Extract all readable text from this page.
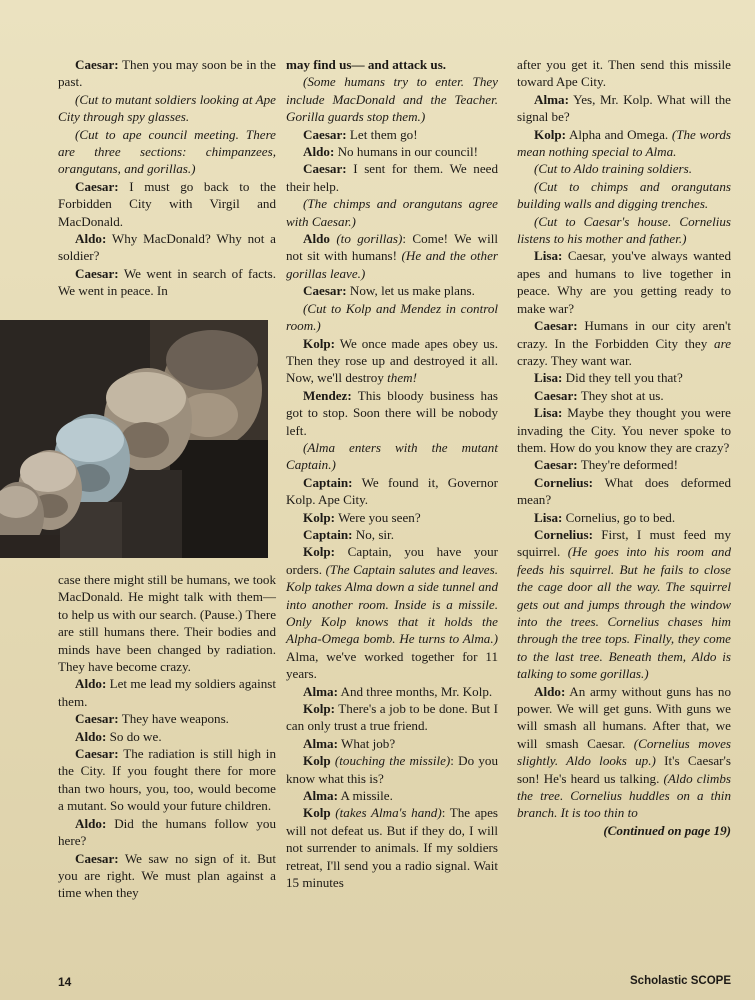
Caesar: Then you may soon be in the past.

(Cut to mutant soldiers looking at Ape City through spy glasses.

(Cut to ape council meeting. There are three sections: chimpanzees, orangutans, and gorillas.)

Caesar: I must go back to the Forbidden City with Virgil and MacDonald.

Aldo: Why MacDonald? Why not a soldier?

Caesar: We went in search of facts. We went in peace. In

case there might still be humans, we took MacDonald. He might talk with them—to help us with our search. (Pause.) There are still humans there. Their bodies and minds have been changed by radiation. They have become crazy.

Aldo: Let me lead my soldiers against them.

Caesar: They have weapons.

Aldo: So do we.

Caesar: The radiation is still high in the City. If you fought there for more than two hours, you, too, would become a mutant. So would your future children.

Aldo: Did the humans follow you here?

Caesar: We saw no sign of it. But you are right. We must plan against a time when they

may find us— and attack us.

(Some humans try to enter. They include MacDonald and the Teacher. Gorilla guards stop them.)

Caesar: Let them go!

Aldo: No humans in our council!

Caesar: I sent for them. We need their help.

(The chimps and orangutans agree with Caesar.)

Aldo (to gorillas): Come! We will not sit with humans! (He and the other gorillas leave.)

Caesar: Now, let us make plans.

(Cut to Kolp and Mendez in control room.)

Kolp: We once made apes obey us. Then they rose up and destroyed it all. Now, we'll destroy them!

Mendez: This bloody business has got to stop. Soon there will be nobody left.

(Alma enters with the mutant Captain.)

Captain: We found it, Governor Kolp. Ape City.

Kolp: Were you seen?

Captain: No, sir.

Kolp: Captain, you have your orders. (The Captain salutes and leaves. Kolp takes Alma down a side tunnel and into another room. Inside is a missile. Only Kolp knows that it holds the Alpha-Omega bomb. He turns to Alma.) Alma, we've worked together for 11 years.

Alma: And three months, Mr. Kolp.

Kolp: There's a job to be done. But I can only trust a true friend.

Alma: What job?

Kolp (touching the missile): Do you know what this is?

Alma: A missile.

Kolp (takes Alma's hand): The apes will not defeat us. But if they do, I will not surrender to animals. If my soldiers retreat, I'll send you a radio signal. Wait 15 minutes

after you get it. Then send this missile toward Ape City.

Alma: Yes, Mr. Kolp. What will the signal be?

Kolp: Alpha and Omega. (The words mean nothing special to Alma.

(Cut to Aldo training soldiers.

(Cut to chimps and orangutans building walls and digging trenches.

(Cut to Caesar's house. Cornelius listens to his mother and father.)

Lisa: Caesar, you've always wanted apes and humans to live together in peace. Why are you getting ready to make war?

Caesar: Humans in our city aren't crazy. In the Forbidden City they are crazy. They want war.

Lisa: Did they tell you that?

Caesar: They shot at us.

Lisa: Maybe they thought you were invading the City. You never spoke to them. How do you know they are crazy?

Caesar: They're deformed!

Cornelius: What does deformed mean?

Lisa: Cornelius, go to bed.

Cornelius: First, I must feed my squirrel. (He goes into his room and feeds his squirrel. But he fails to close the cage door all the way. The squirrel gets out and jumps through the window into the trees. Cornelius chases him through the tree tops. Finally, they come to the last tree. Beneath them, Aldo is talking to some gorillas.)

Aldo: An army without guns has no power. We will get guns. With guns we will smash all humans. After that, we will smash Caesar. (Cornelius moves slightly. Aldo looks up.) It's Caesar's son! He's heard us talking. (Aldo climbs the tree. Cornelius huddles on a thin branch. It is too thin to

(Continued on page 19)

14	Scholastic SCOPE
